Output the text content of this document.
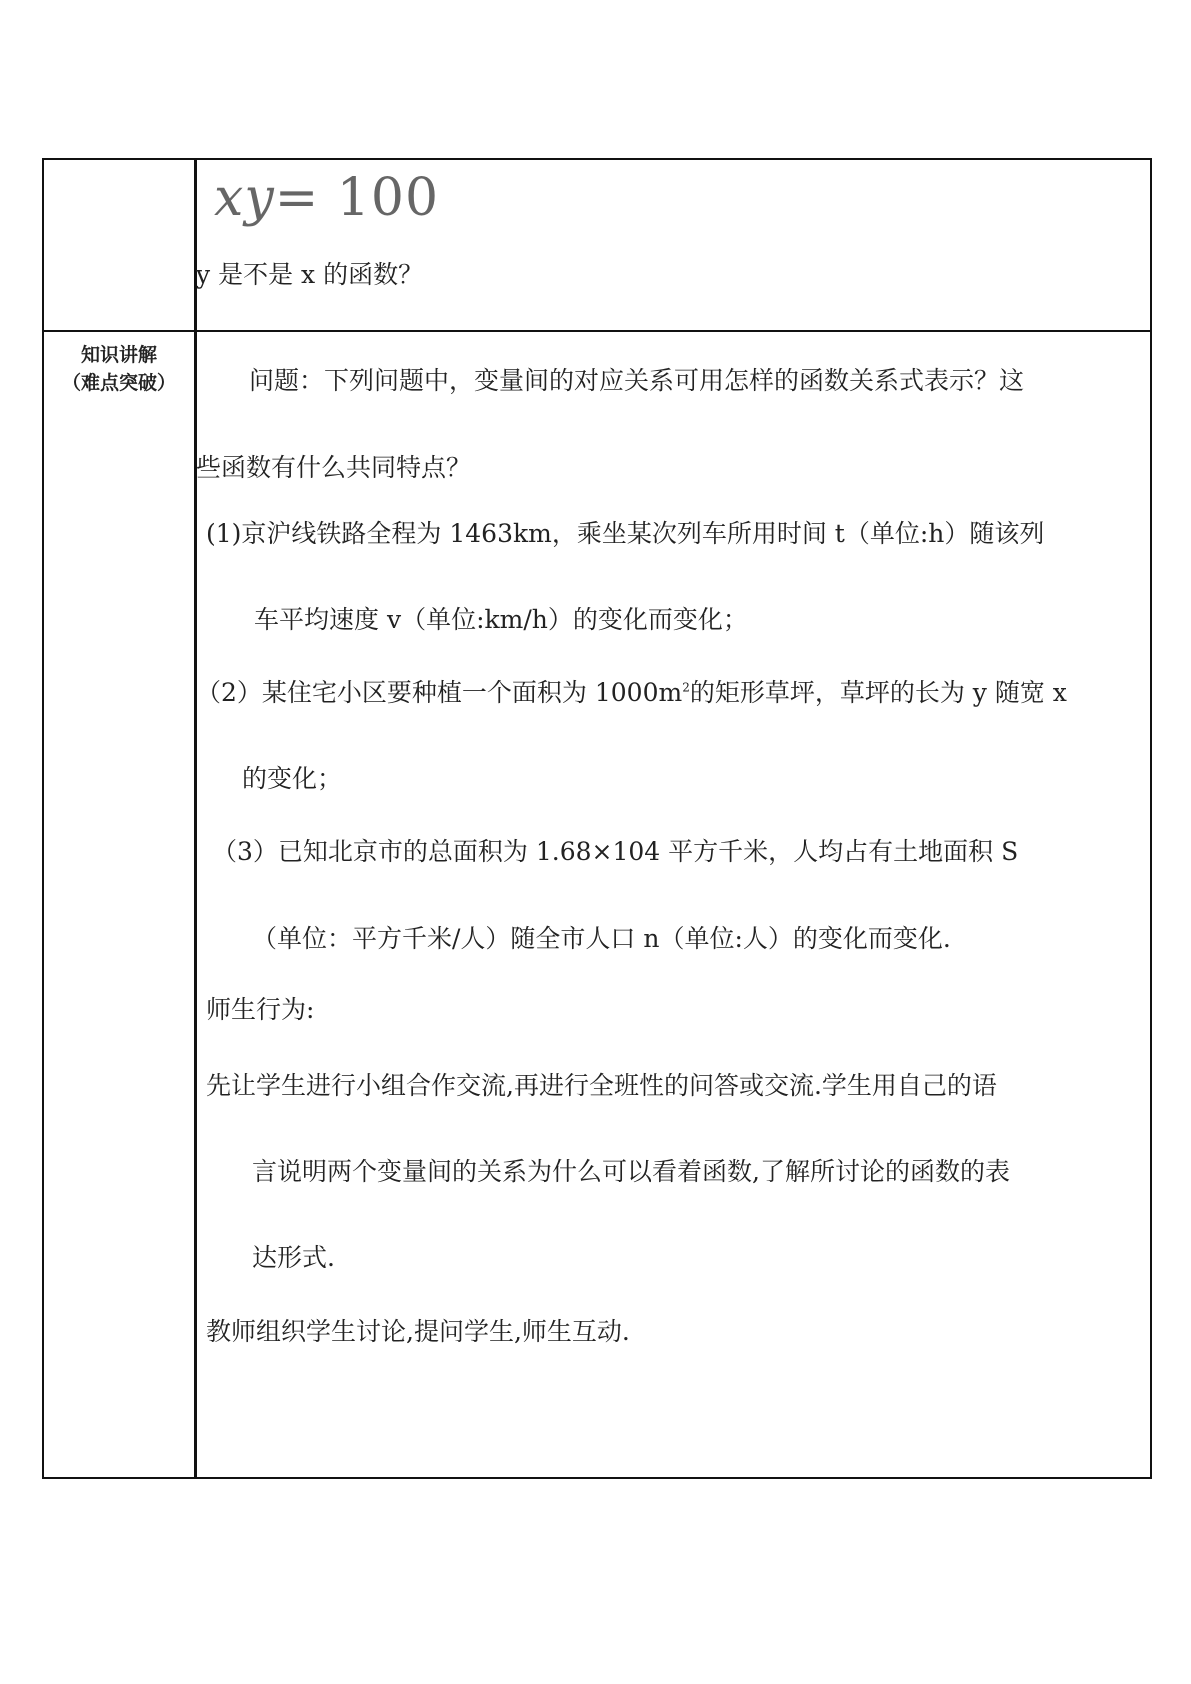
xy= 100
y 是不是 x 的函数？
知识讲解
（难点突破）	问题：下列问题中，变量间的对应关系可用怎样的函数关系式表示？这
些函数有什么共同特点？
(1)京沪线铁路全程为 1463km，乘坐某次列车所用时间 t（单位:h）随该列
车平均速度 v（单位:km/h）的变化而变化；
（2）某住宅小区要种植一个面积为 $1000m^2$的矩形草坪，草坪的长为 y 随宽 x
的变化；
（3）已知北京市的总面积为 1.68×104 平方千米，人均占有土地面积 S
（单位：平方千米/人）随全市人口 n（单位:人）的变化而变化.
师生行为:
先让学生进行小组合作交流,再进行全班性的问答或交流.学生用自己的语
言说明两个变量间的关系为什么可以看着函数,了解所讨论的函数的表
达形式.
教师组织学生讨论,提问学生,师生互动.
